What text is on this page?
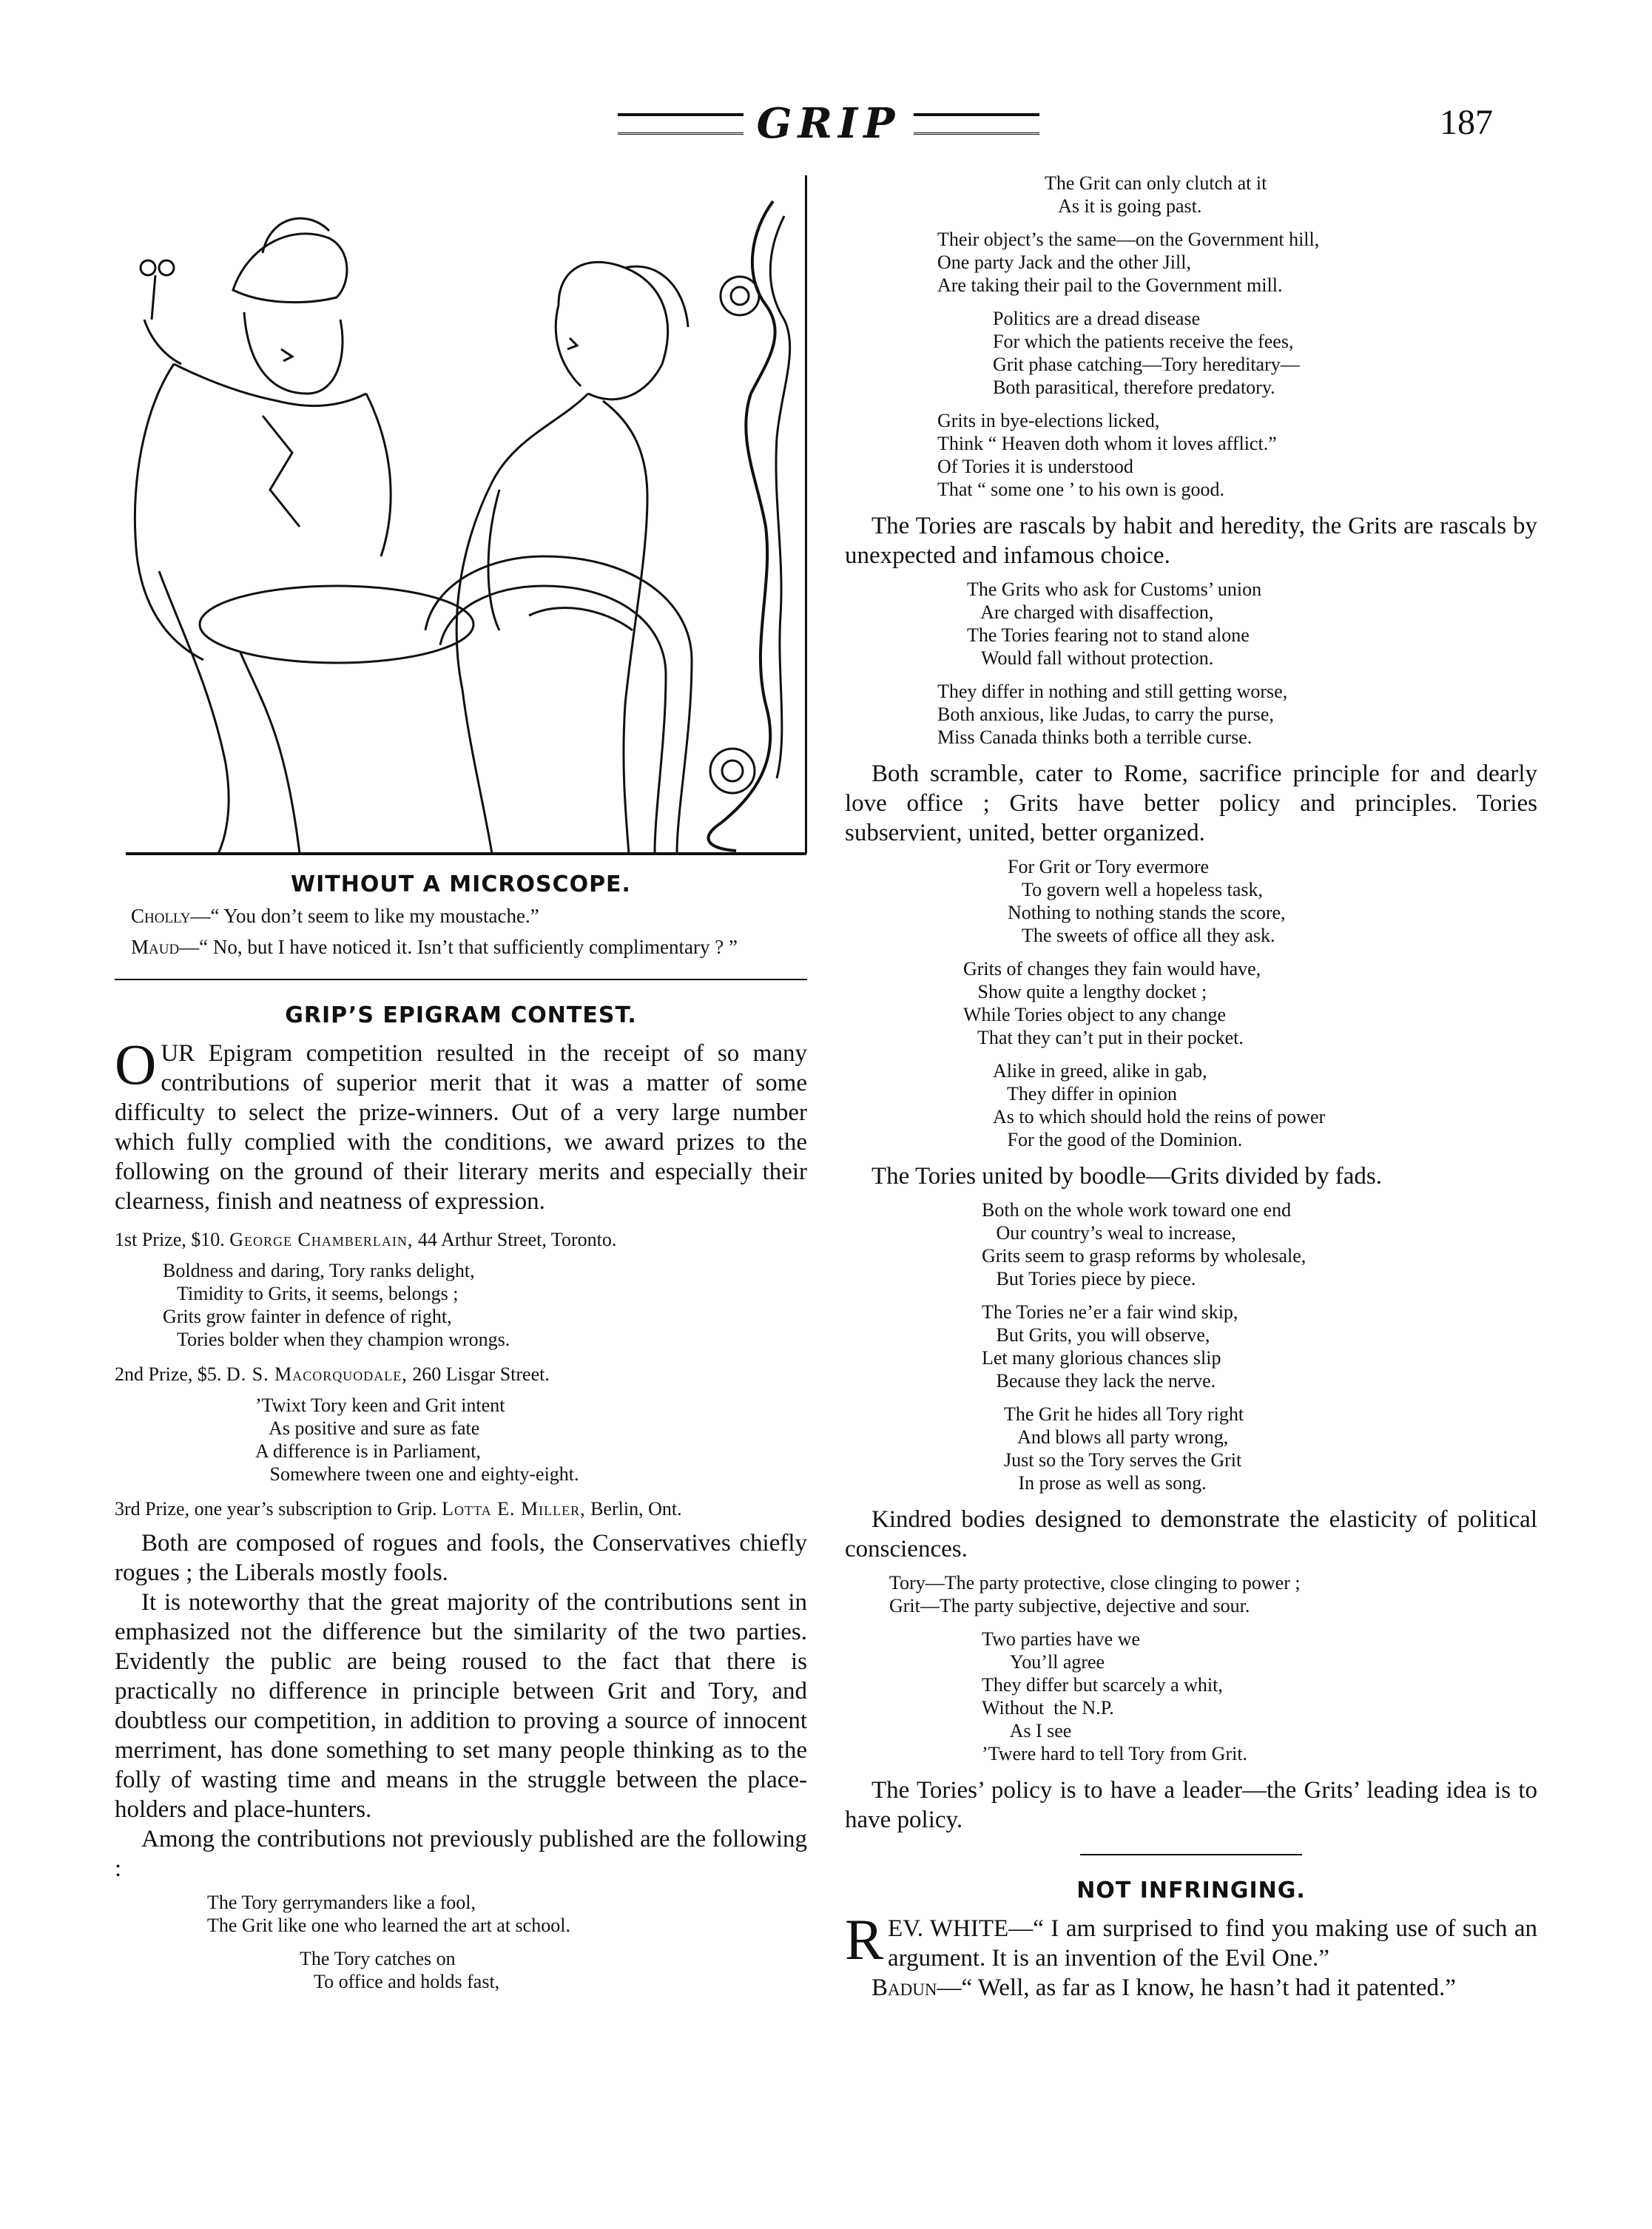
GRIP	187
WITHOUT A MICROSCOPE.

Cholly—“ You don’t seem to like my moustache.”

Maud—“ No, but I have noticed it. Isn’t that sufficiently complimentary ? ”

GRIP’S EPIGRAM CONTEST.
O UR Epigram competition resulted in the receipt of so many contributions of superior merit that it was a matter of some difficulty to select the prize-winners. Out of a very large number which fully complied with the conditions, we award prizes to the following on the ground of their literary merits and especially their clearness, finish and neatness of expression.

1st Prize, $10. George Chamberlain, 44 Arthur Street, Toronto.

Boldness and daring, Tory ranks delight,
Timidity to Grits, it seems, belongs ;
Grits grow fainter in defence of right,
Tories bolder when they champion wrongs.

2nd Prize, $5. D. S. Macorquodale, 260 Lisgar Street.

’Twixt Tory keen and Grit intent
As positive and sure as fate
A difference is in Parliament,
Somewhere tween one and eighty-eight.

3rd Prize, one year’s subscription to Grip. Lotta E. Miller, Berlin, Ont.

Both are composed of rogues and fools, the Conservatives chiefly rogues ; the Liberals mostly fools.

It is noteworthy that the great majority of the contributions sent in emphasized not the difference but the similarity of the two parties. Evidently the public are being roused to the fact that there is practically no difference in principle between Grit and Tory, and doubtless our competition, in addition to proving a source of innocent merriment, has done something to set many people thinking as to the folly of wasting time and means in the struggle between the place-holders and place-hunters.

Among the contributions not previously published are the following :

The Tory gerrymanders like a fool,
The Grit like one who learned the art at school.
The Tory catches on
To office and holds fast,
The Grit can only clutch at it
As it is going past.
Their object’s the same—on the Government hill,
One party Jack and the other Jill,
Are taking their pail to the Government mill.
Politics are a dread disease
For which the patients receive the fees,
Grit phase catching—Tory hereditary—
Both parasitical, therefore predatory.
Grits in bye-elections licked,
Think “ Heaven doth whom it loves afflict.”
Of Tories it is understood
That “ some one ’ to his own is good.

The Tories are rascals by habit and heredity, the Grits are rascals by unexpected and infamous choice.

The Grits who ask for Customs’ union
Are charged with disaffection,
The Tories fearing not to stand alone
Would fall without protection.
They differ in nothing and still getting worse,
Both anxious, like Judas, to carry the purse,
Miss Canada thinks both a terrible curse.

Both scramble, cater to Rome, sacrifice principle for and dearly love office ; Grits have better policy and principles. Tories subservient, united, better organized.

For Grit or Tory evermore
To govern well a hopeless task,
Nothing to nothing stands the score,
The sweets of office all they ask.
Grits of changes they fain would have,
Show quite a lengthy docket ;
While Tories object to any change
That they can’t put in their pocket.
Alike in greed, alike in gab,
They differ in opinion
As to which should hold the reins of power
For the good of the Dominion.

The Tories united by boodle—Grits divided by fads.

Both on the whole work toward one end
Our country’s weal to increase,
Grits seem to grasp reforms by wholesale,
But Tories piece by piece.
The Tories ne’er a fair wind skip,
But Grits, you will observe,
Let many glorious chances slip
Because they lack the nerve.
The Grit he hides all Tory right
And blows all party wrong,
Just so the Tory serves the Grit
In prose as well as song.

Kindred bodies designed to demonstrate the elasticity of political consciences.

Tory—The party protective, close clinging to power ;
Grit—The party subjective, dejective and sour.
Two parties have we
You’ll agree
They differ but scarcely a whit,
Without  the N.P.
As I see
’Twere hard to tell Tory from Grit.

The Tories’ policy is to have a leader—the Grits’ leading idea is to have policy.

NOT INFRINGING.
R EV. WHITE—“ I am surprised to find you making use of such an argument. It is an invention of the Evil One.”

Badun—“ Well, as far as I know, he hasn’t had it patented.”
